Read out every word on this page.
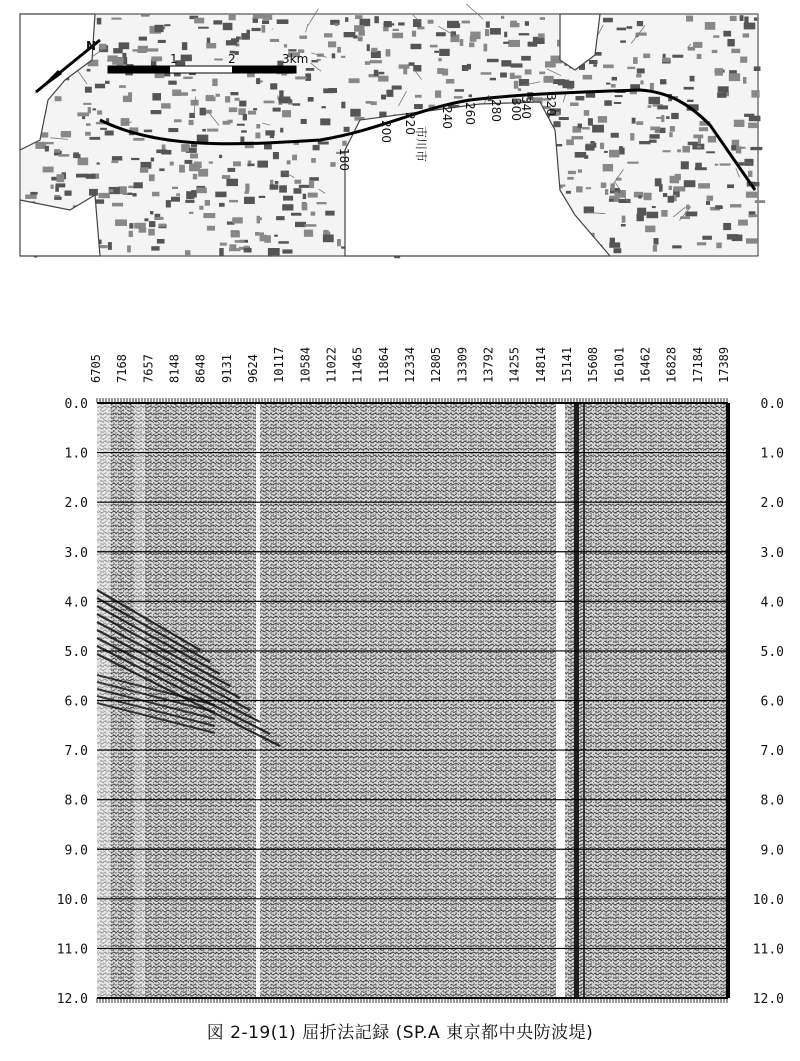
N
1	2	3km
180
200 220 240 260 280 300
340 320
市川市
6705 7168 7657 8148 8648 9131 9624 10117 10584 11022 11465 11864 12334 12805 13309 13792 14255 14814 15141 15608 16101 16462 16828 17184 17389
0.0
1.0
2.0
3.0
4.0
5.0
6.0
7.0
8.0
9.0
10.0
11.0
12.0
0.0
1.0
2.0
3.0
4.0
5.0
6.0
7.0
8.0
9.0
10.0
11.0
12.0
図 2-19(1) 屈折法記録 (SP.A 東京都中央防波堤)
